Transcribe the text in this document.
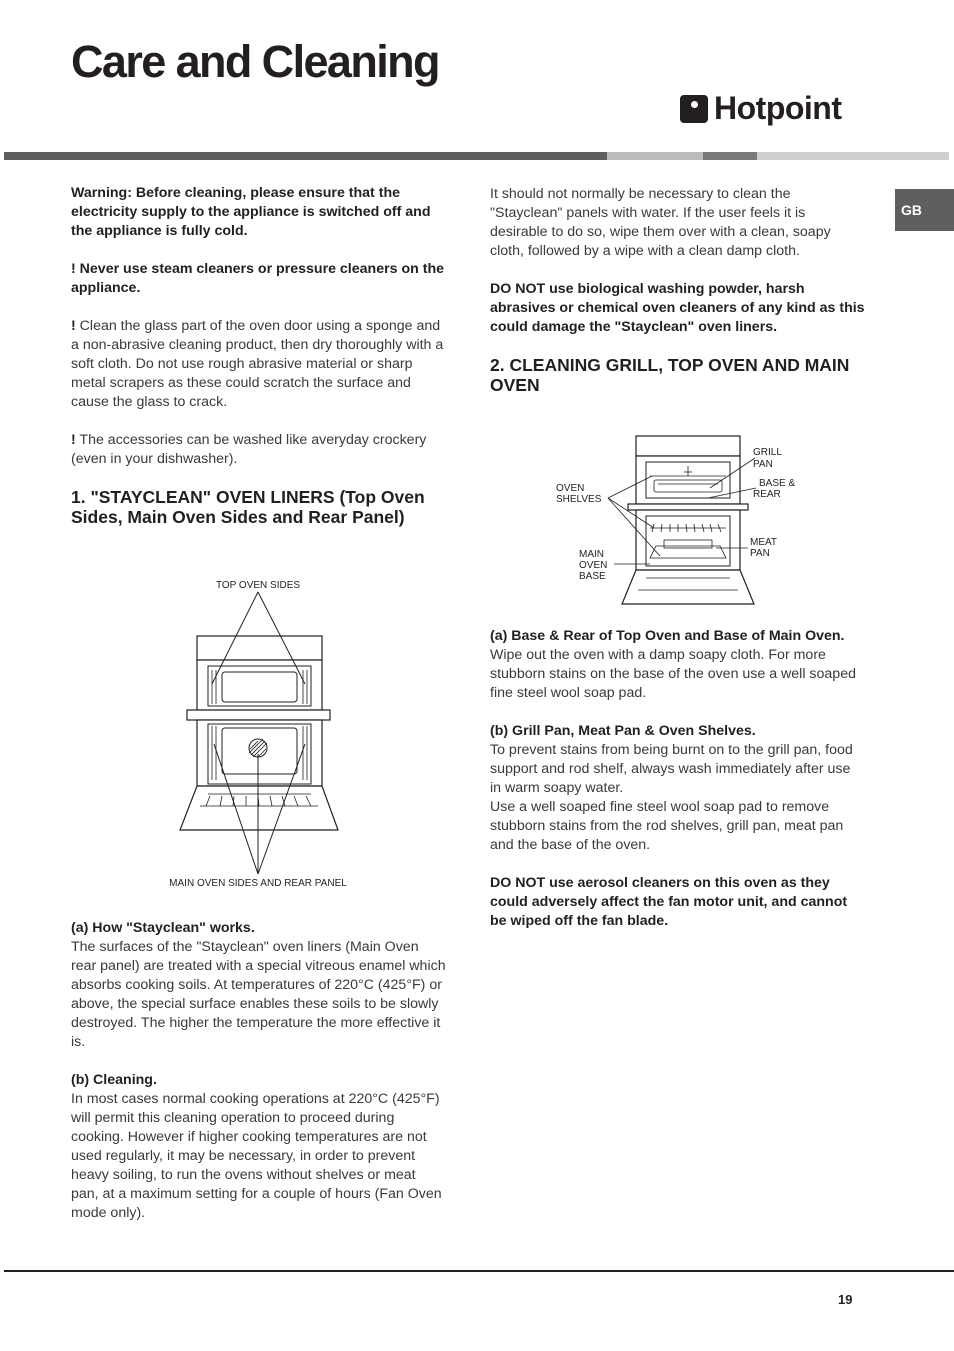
Care and Cleaning
Hotpoint
GB

Warning: Before cleaning, please ensure that the electricity supply to the appliance is switched off and the appliance is fully cold.

! Never use steam cleaners or pressure cleaners on the appliance.

! Clean the glass part of the oven door using a sponge and a non-abrasive cleaning product, then dry thoroughly with a soft cloth. Do not use rough abrasive material or sharp metal scrapers as these could scratch the surface and cause the glass to crack.

! The accessories can be washed like averyday crockery (even in your dishwasher).

1. "STAYCLEAN" OVEN LINERS (Top Oven Sides, Main Oven Sides and Rear Panel)
TOP OVEN SIDES
MAIN OVEN SIDES AND REAR PANEL

(a) How "Stayclean" works.
The surfaces of the "Stayclean" oven liners (Main Oven rear panel) are treated with a special vitreous enamel which absorbs cooking soils. At temperatures of 220°C (425°F) or above, the special surface enables these soils to be slowly destroyed. The higher the temperature the more effective it is.

(b) Cleaning.
In most cases normal cooking operations at 220°C (425°F) will permit this cleaning operation to proceed during cooking. However if higher cooking temperatures are not used regularly, it may be necessary, in order to prevent heavy soiling, to run the ovens without shelves or meat pan, at a maximum setting for a couple of hours (Fan Oven mode only).

It should not normally be necessary to clean the "Stayclean" panels with water. If the user feels it is desirable to do so, wipe them over with a clean, soapy cloth, followed by a wipe with a clean damp cloth.

DO NOT use biological washing powder, harsh abrasives or chemical oven cleaners of any kind as this could damage the "Stayclean" oven liners.

2. CLEANING GRILL, TOP OVEN AND MAIN OVEN
GRILL
PAN
BASE &
REAR
OVEN
SHELVES
MEAT
PAN
MAIN
OVEN
BASE

(a) Base & Rear of Top Oven and Base of Main Oven.
Wipe out the oven with a damp soapy cloth. For more stubborn stains on the base of the oven use a well soaped fine steel wool soap pad.

(b) Grill Pan, Meat Pan & Oven Shelves.
To prevent stains from being burnt on to the grill pan, food support and rod shelf, always wash immediately after use in warm soapy water.
Use a well soaped fine steel wool soap pad to remove stubborn stains from the rod shelves, grill pan, meat pan and the base of the oven.

DO NOT use aerosol cleaners on this oven as they could adversely affect the fan motor unit, and cannot be wiped off the fan blade.

19
